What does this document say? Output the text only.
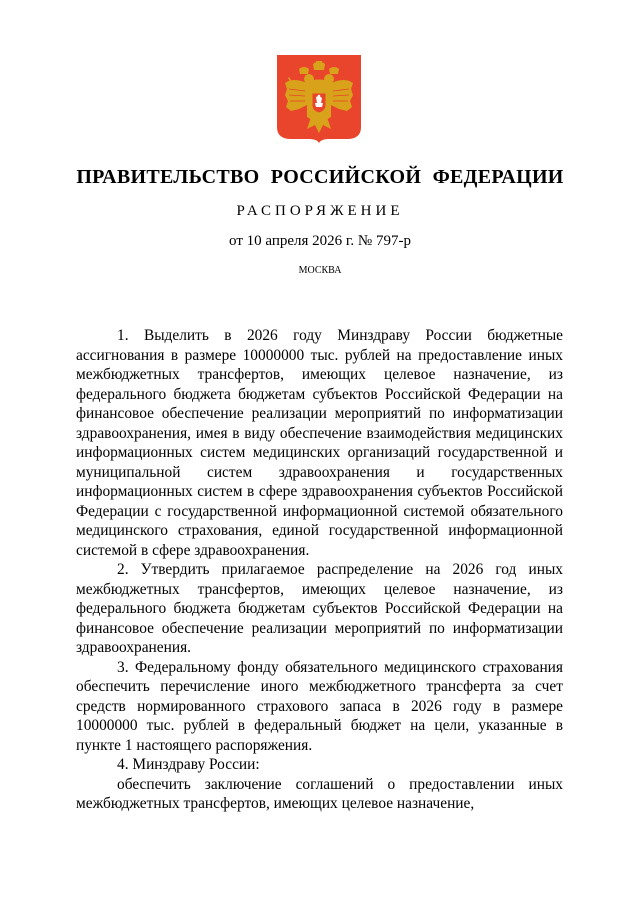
ПРАВИТЕЛЬСТВО РОССИЙСКОЙ ФЕДЕРАЦИИ
РАСПОРЯЖЕНИЕ
от 10 апреля 2026 г. № 797-р
МОСКВА

1. Выделить в 2026 году Минздраву России бюджетные ассигнования в размере 10000000 тыс. рублей на предоставление иных межбюджетных трансфертов, имеющих целевое назначение, из федерального бюджета бюджетам субъектов Российской Федерации на финансовое обеспечение реализации мероприятий по информатизации здравоохранения, имея в виду обеспечение взаимодействия медицинских информационных систем медицинских организаций государственной и муниципальной систем здравоохранения и государственных информационных систем в сфере здравоохранения субъектов Российской Федерации с государственной информационной системой обязательного медицинского страхования, единой государственной информационной системой в сфере здравоохранения.

2. Утвердить прилагаемое распределение на 2026 год иных межбюджетных трансфертов, имеющих целевое назначение, из федерального бюджета бюджетам субъектов Российской Федерации на финансовое обеспечение реализации мероприятий по информатизации здравоохранения.

3. Федеральному фонду обязательного медицинского страхования обеспечить перечисление иного межбюджетного трансферта за счет средств нормированного страхового запаса в 2026 году в размере 10000000 тыс. рублей в федеральный бюджет на цели, указанные в пункте 1 настоящего распоряжения.

4. Минздраву России:

обеспечить заключение соглашений о предоставлении иных межбюджетных трансфертов, имеющих целевое назначение,
